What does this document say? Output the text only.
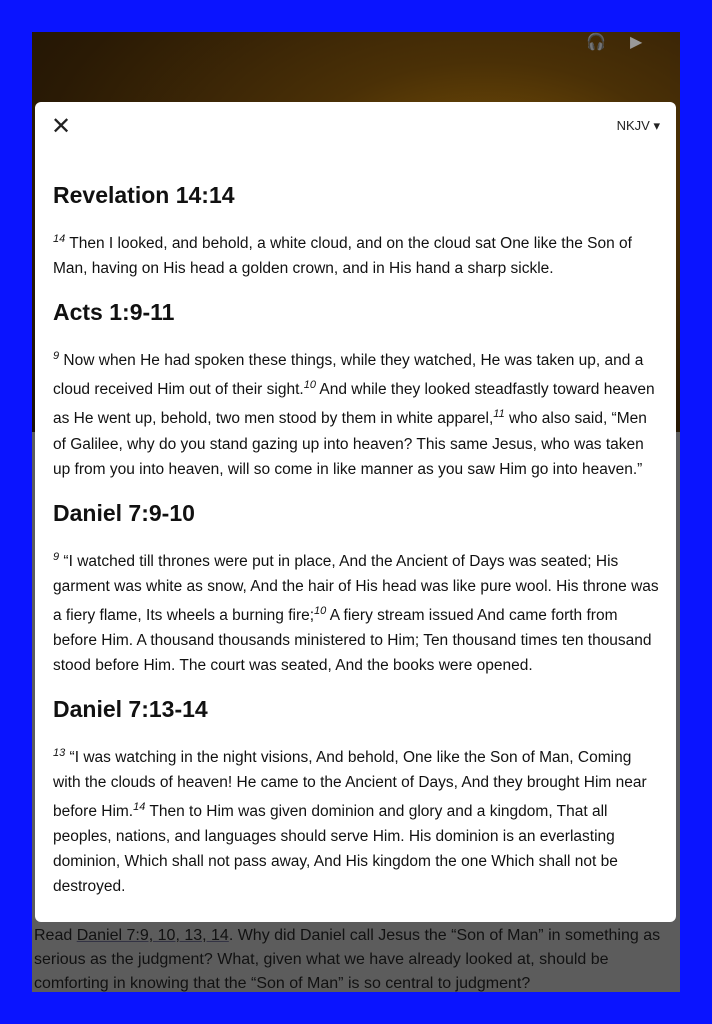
🎧 ▶
✕	NKJV ▾
Revelation 14:14

$^{14}$ Then I looked, and behold, a white cloud, and on the cloud sat One like the Son of Man, having on His head a golden crown, and in His hand a sharp sickle.

Acts 1:9-11

$^9$ Now when He had spoken these things, while they watched, He was taken up, and a cloud received Him out of their sight.$^{10}$ And while they looked steadfastly toward heaven as He went up, behold, two men stood by them in white apparel,$^{11}$ who also said, “Men of Galilee, why do you stand gazing up into heaven? This same Jesus, who was taken up from you into heaven, will so come in like manner as you saw Him go into heaven.”

Daniel 7:9-10

$^9$ “I watched till thrones were put in place, And the Ancient of Days was seated; His garment was white as snow, And the hair of His head was like pure wool. His throne was a fiery flame, Its wheels a burning fire;$^{10}$ A fiery stream issued And came forth from before Him. A thousand thousands ministered to Him; Ten thousand times ten thousand stood before Him. The court was seated, And the books were opened.

Daniel 7:13-14

$^{13}$ “I was watching in the night visions, And behold, One like the Son of Man, Coming with the clouds of heaven! He came to the Ancient of Days, And they brought Him near before Him.$^{14}$ Then to Him was given dominion and glory and a kingdom, That all peoples, nations, and languages should serve Him. His dominion is an everlasting dominion, Which shall not pass away, And His kingdom the one Which shall not be destroyed.

Read Daniel 7:9, 10, 13, 14. Why did Daniel call Jesus the “Son of Man” in something as serious as the judgment? What, given what we have already looked at, should be comforting in knowing that the “Son of Man” is so central to judgment?
